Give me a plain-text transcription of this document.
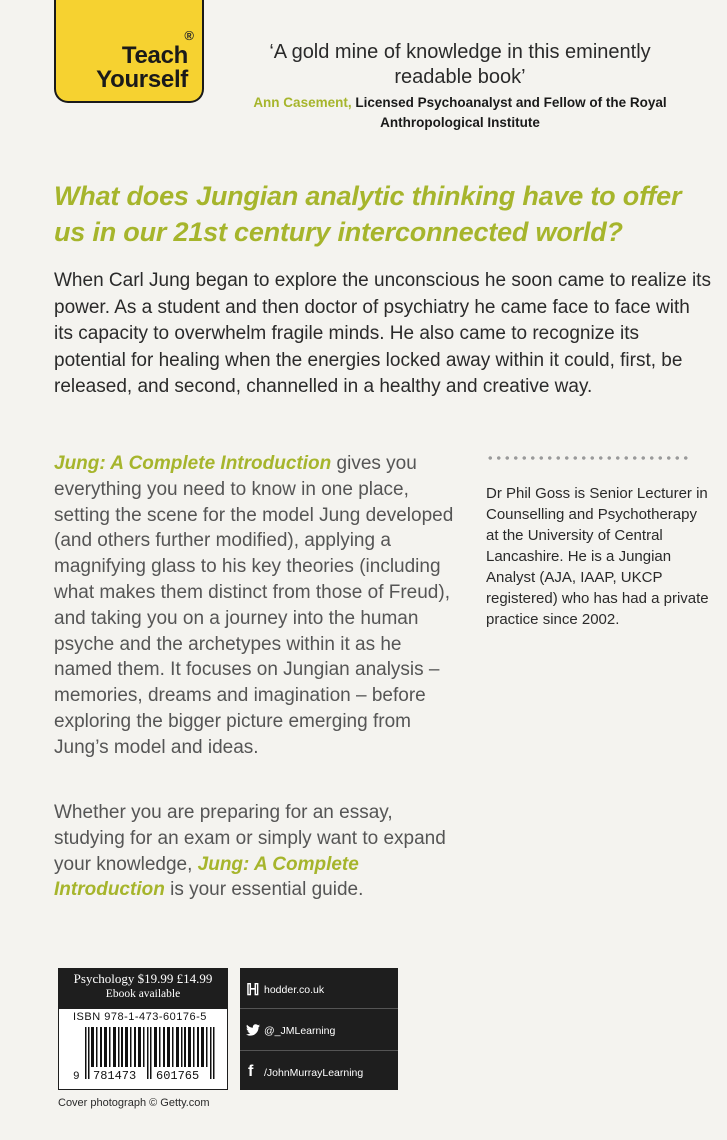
®
Teach
Yourself
‘A gold mine of knowledge in this eminently readable book’
Ann Casement, Licensed Psychoanalyst and Fellow of the Royal Anthropological Institute
What does Jungian analytic thinking have to offer us in our 21st century interconnected world?
When Carl Jung began to explore the unconscious he soon came to realize its power. As a student and then doctor of psychiatry he came face to face with its capacity to overwhelm fragile minds. He also came to recognize its potential for healing when the energies locked away within it could, first, be released, and second, channelled in a healthy and creative way.
Jung: A Complete Introduction gives you everything you need to know in one place, setting the scene for the model Jung developed (and others further modified), applying a magnifying glass to his key theories (including what makes them distinct from those of Freud), and taking you on a journey into the human psyche and the archetypes within it as he named them. It focuses on Jungian analysis – memories, dreams and imagination – before exploring the bigger picture emerging from Jung’s model and ideas.
Whether you are preparing for an essay, studying for an exam or simply want to expand your knowledge, Jung: A Complete Introduction is your essential guide.
Dr Phil Goss is Senior Lecturer in Counselling and Psychotherapy at the University of Central Lancashire. He is a Jungian Analyst (AJA, IAAP, UKCP registered) who has had a private practice since 2002.
Psychology $19.99 £14.99
Ebook available
ISBN 978-1-473-60176-5
9 781473 601765
ℍ hodder.co.uk
@_JMLearning
f	/JohnMurrayLearning
Cover photograph © Getty.com
